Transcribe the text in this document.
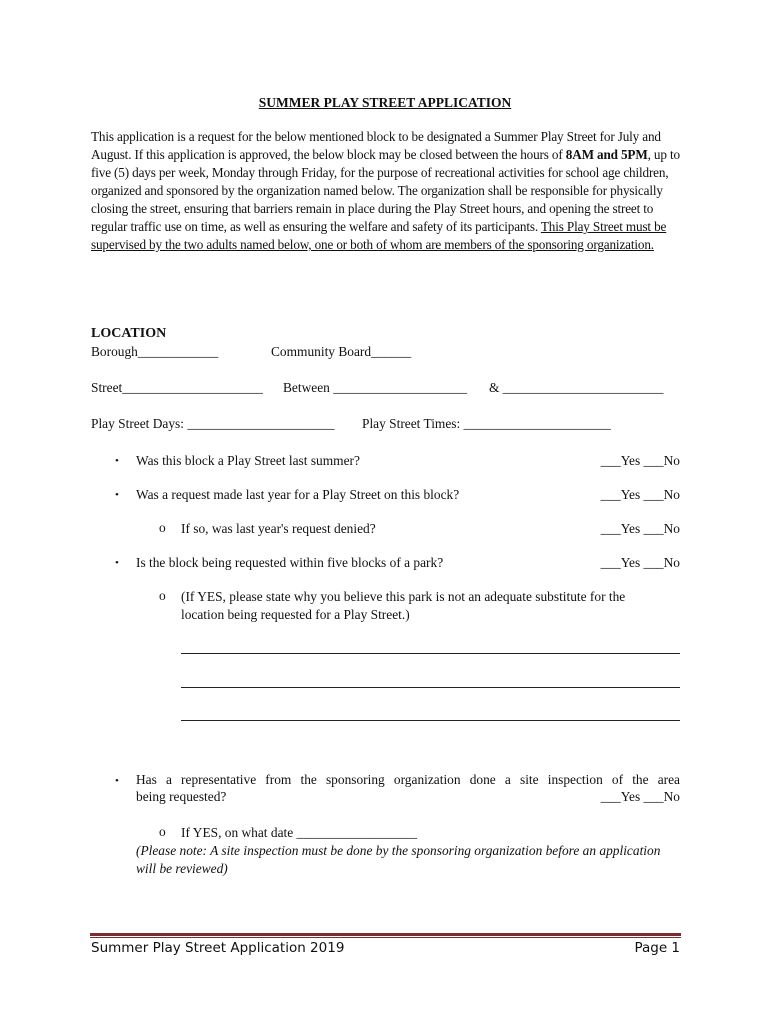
SUMMER PLAY STREET APPLICATION
This application is a request for the below mentioned block to be designated a Summer Play Street for July and August. If this application is approved, the below block may be closed between the hours of 8AM and 5PM, up to five (5) days per week, Monday through Friday, for the purpose of recreational activities for school age children, organized and sponsored by the organization named below. The organization shall be responsible for physically closing the street, ensuring that barriers remain in place during the Play Street hours, and opening the street to regular traffic use on time, as well as ensuring the welfare and safety of its participants. This Play Street must be supervised by the two adults named below, one or both of whom are members of the sponsoring organization.
LOCATION
Borough____________	Community Board______
Street_____________________ Between ____________________ & ________________________
Play Street Days: ______________________ Play Street Times: ______________________
• Was this block a Play Street last summer?	___Yes ___No
• Was a request made last year for a Play Street on this block?	___Yes ___No
o If so, was last year's request denied?	___Yes ___No
• Is the block being requested within five blocks of a park?	___Yes ___No
o (If YES, please state why you believe this park is not an adequate substitute for the
location being requested for a Play Street.)
• Has a representative from the sponsoring organization done a site inspection of the area
being requested?	___Yes ___No
o If YES, on what date __________________
(Please note: A site inspection must be done by the sponsoring organization before an application will be reviewed)
Summer Play Street Application 2019	Page 1
